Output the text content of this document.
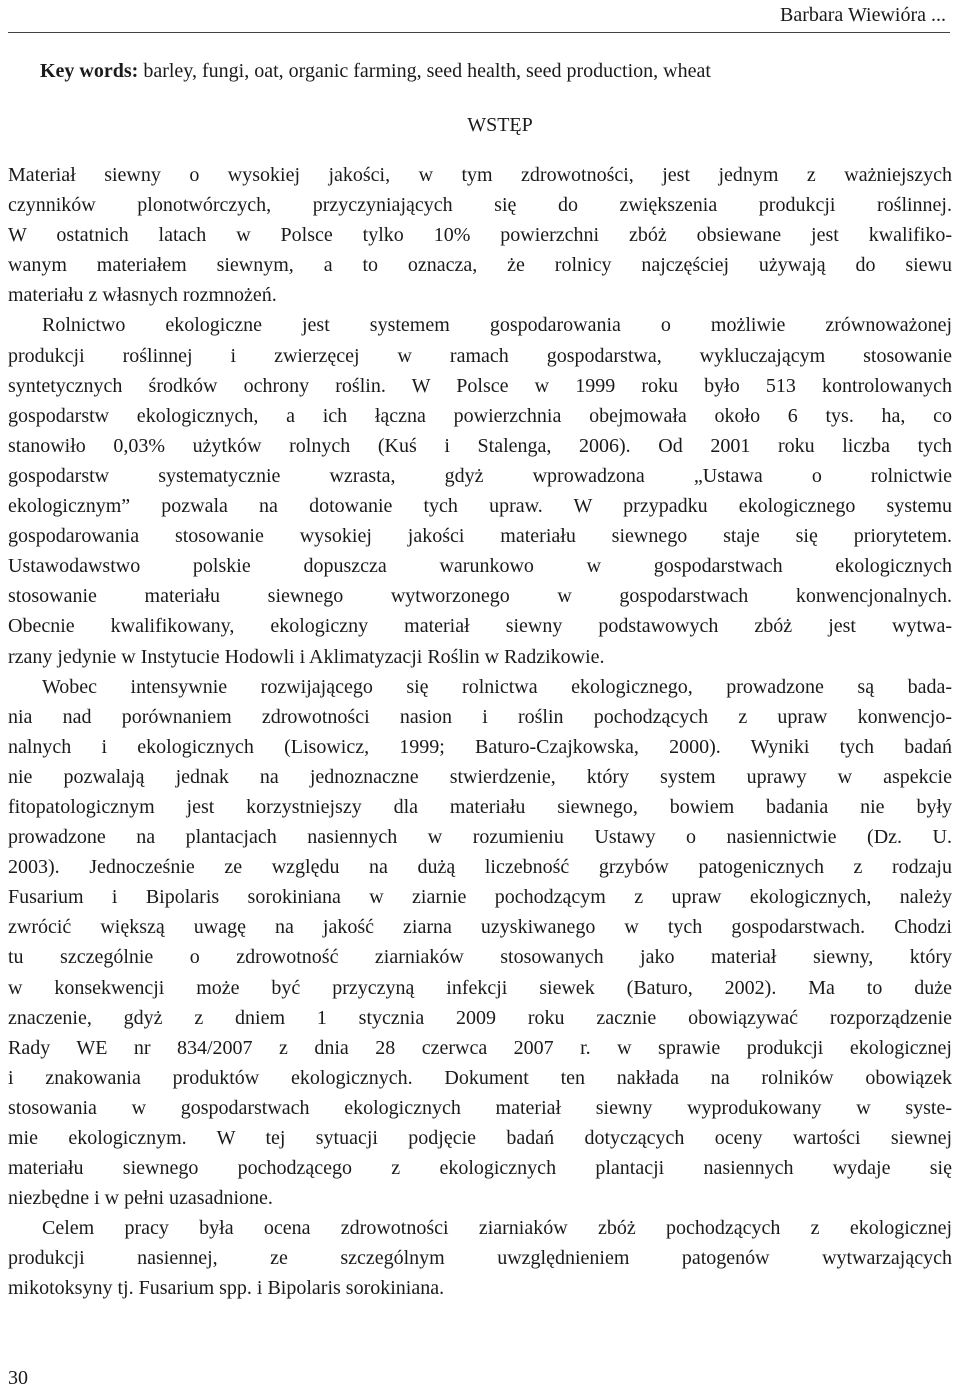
Barbara Wiewióra ...
Key words: barley, fungi, oat, organic farming, seed health, seed production, wheat
WSTĘP
Materiał siewny o wysokiej jakości, w tym zdrowotności, jest jednym z ważniejszych
czynników plonotwórczych, przyczyniających się do zwiększenia produkcji roślinnej.
W ostatnich latach w Polsce tylko 10% powierzchni zbóż obsiewane jest kwalifiko-
wanym materiałem siewnym, a to oznacza, że rolnicy najczęściej używają do siewu
materiału z własnych rozmnożeń.
Rolnictwo ekologiczne jest systemem gospodarowania o możliwie zrównoważonej
produkcji roślinnej i zwierzęcej w ramach gospodarstwa, wykluczającym stosowanie
syntetycznych środków ochrony roślin. W Polsce w 1999 roku było 513 kontrolowanych
gospodarstw ekologicznych, a ich łączna powierzchnia obejmowała około 6 tys. ha, co
stanowiło 0,03% użytków rolnych (Kuś i Stalenga, 2006). Od 2001 roku liczba tych
gospodarstw systematycznie wzrasta, gdyż wprowadzona „Ustawa o rolnictwie
ekologicznym” pozwala na dotowanie tych upraw. W przypadku ekologicznego systemu
gospodarowania stosowanie wysokiej jakości materiału siewnego staje się priorytetem.
Ustawodawstwo polskie dopuszcza warunkowo w gospodarstwach ekologicznych
stosowanie materiału siewnego wytworzonego w gospodarstwach konwencjonalnych.
Obecnie kwalifikowany, ekologiczny materiał siewny podstawowych zbóż jest wytwa-
rzany jedynie w Instytucie Hodowli i Aklimatyzacji Roślin w Radzikowie.
Wobec intensywnie rozwijającego się rolnictwa ekologicznego, prowadzone są bada-
nia nad porównaniem zdrowotności nasion i roślin pochodzących z upraw konwencjo-
nalnych i ekologicznych (Lisowicz, 1999; Baturo-Czajkowska, 2000). Wyniki tych badań
nie pozwalają jednak na jednoznaczne stwierdzenie, który system uprawy w aspekcie
fitopatologicznym jest korzystniejszy dla materiału siewnego, bowiem badania nie były
prowadzone na plantacjach nasiennych w rozumieniu Ustawy o nasiennictwie (Dz. U.
2003). Jednocześnie ze względu na dużą liczebność grzybów patogenicznych z rodzaju
Fusarium i Bipolaris sorokiniana w ziarnie pochodzącym z upraw ekologicznych, należy
zwrócić większą uwagę na jakość ziarna uzyskiwanego w tych gospodarstwach. Chodzi
tu szczególnie o zdrowotność ziarniaków stosowanych jako materiał siewny, który
w konsekwencji może być przyczyną infekcji siewek (Baturo, 2002). Ma to duże
znaczenie, gdyż z dniem 1 stycznia 2009 roku zacznie obowiązywać rozporządzenie
Rady WE nr 834/2007 z dnia 28 czerwca 2007 r. w sprawie produkcji ekologicznej
i znakowania produktów ekologicznych. Dokument ten nakłada na rolników obowiązek
stosowania w gospodarstwach ekologicznych materiał siewny wyprodukowany w syste-
mie ekologicznym. W tej sytuacji podjęcie badań dotyczących oceny wartości siewnej
materiału siewnego pochodzącego z ekologicznych plantacji nasiennych wydaje się
niezbędne i w pełni uzasadnione.
Celem pracy była ocena zdrowotności ziarniaków zbóż pochodzących z ekologicznej
produkcji nasiennej, ze szczególnym uwzględnieniem patogenów wytwarzających
mikotoksyny tj. Fusarium spp. i Bipolaris sorokiniana.
30
